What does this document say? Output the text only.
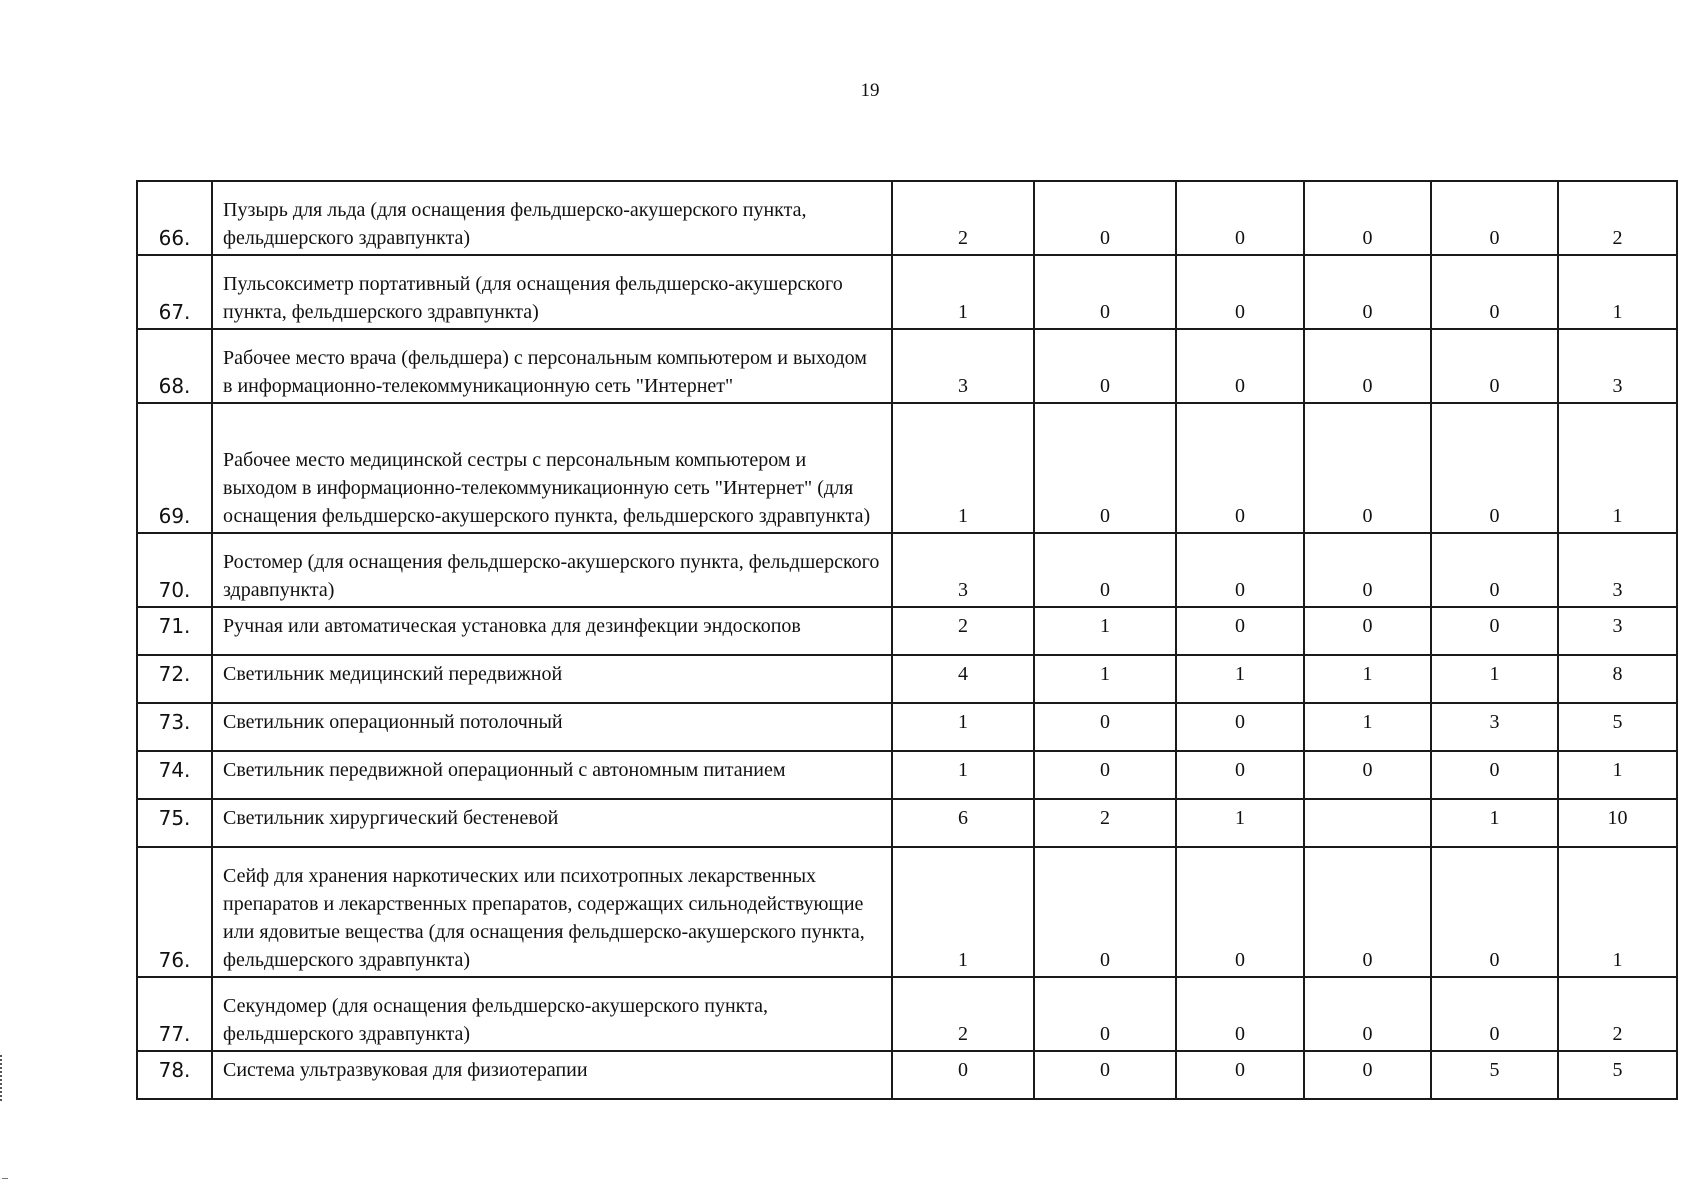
19
66.	Пузырь для льда (для оснащения фельдшерско-акушерского пункта, фельдшерского здравпункта)	2	0	0	0	0	2
67.	Пульсоксиметр портативный (для оснащения фельдшерско-акушерского пункта, фельдшерского здравпункта)	1	0	0	0	0	1
68.	Рабочее место врача (фельдшера) с персональным компьютером и выходом в информационно-телекоммуникационную сеть "Интернет"	3	0	0	0	0	3
69.	Рабочее место медицинской сестры с персональным компьютером и выходом в информационно-телекоммуникационную сеть "Интернет" (для оснащения фельдшерско-акушерского пункта, фельдшерского здравпункта)	1	0	0	0	0	1
70.	Ростомер (для оснащения фельдшерско-акушерского пункта, фельдшерского здравпункта)	3	0	0	0	0	3
71.	Ручная или автоматическая установка для дезинфекции эндоскопов	2	1	0	0	0	3
72.	Светильник медицинский передвижной	4	1	1	1	1	8
73.	Светильник операционный потолочный	1	0	0	1	3	5
74.	Светильник передвижной операционный с автономным питанием	1	0	0	0	0	1
75.	Светильник хирургический бестеневой	6	2	1		1	10
76.	Сейф для хранения наркотических или психотропных лекарственных препаратов и лекарственных препаратов, содержащих сильнодействующие или ядовитые вещества (для оснащения фельдшерско-акушерского пункта, фельдшерского здравпункта)	1	0	0	0	0	1
77.	Секундомер (для оснащения фельдшерско-акушерского пункта, фельдшерского здравпункта)	2	0	0	0	0	2
78.	Система ультразвуковая для физиотерапии	0	0	0	0	5	5
